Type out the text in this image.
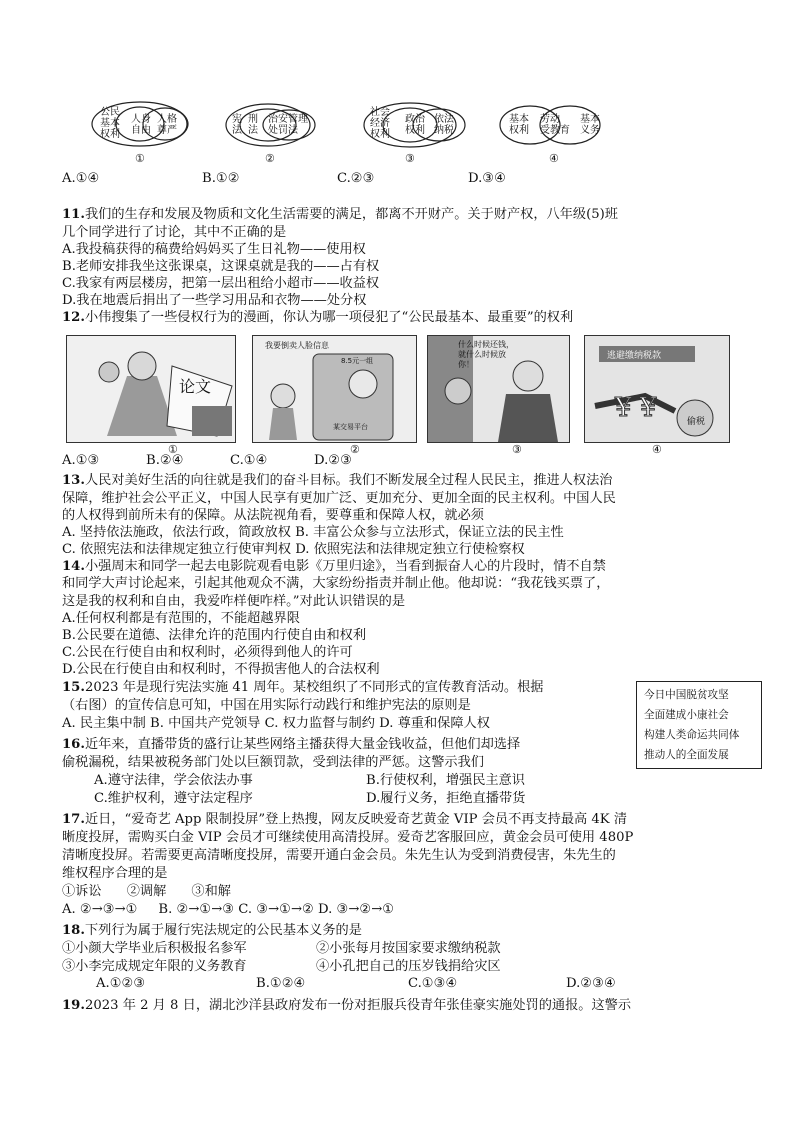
公民
基本
权利
人身
自由
人格
尊严
①
宪
法
刑
法
治安管理
处罚法
②
社会
经济
权利
政治
权利
依法
纳税
③
基本
权利
劳动
受教育
基本
义务
④
A.①④	B.①②	C.②③	D.③④
11.我们的生存和发展及物质和文化生活需要的满足，都离不开财产。关于财产权，八年级(5)班
几个同学进行了讨论，其中不正确的是
A.我投稿获得的稿费给妈妈买了生日礼物——使用权
B.老师安排我坐这张课桌，这课桌就是我的——占有权
C.我家有两层楼房，把第一层出租给小超市——收益权
D.我在地震后捐出了一些学习用品和衣物——处分权
12.小伟搜集了一些侵权行为的漫画，你认为哪一项侵犯了“公民最基本、最重要”的权利
论文
我要倒卖人脸信息
8.5元一组
某交易平台
什么时候还钱，就什么时候放你！
¥ ¥
逃避缴纳税款
偷税
①	②	③	④
A.①③	B.②④	C.①④	D.②③
13.人民对美好生活的向往就是我们的奋斗目标。我们不断发展全过程人民民主，推进人权法治
保障，维护社会公平正义，中国人民享有更加广泛、更加充分、更加全面的民主权利。中国人民
的人权得到前所未有的保障。从法院视角看，要尊重和保障人权，就必须
A. 坚持依法施政，依法行政，简政放权 B. 丰富公众参与立法形式，保证立法的民主性
C. 依照宪法和法律规定独立行使审判权 D. 依照宪法和法律规定独立行使检察权
14.小强周末和同学一起去电影院观看电影《万里归途》，当看到振奋人心的片段时，情不自禁
和同学大声讨论起来，引起其他观众不满，大家纷纷指责并制止他。他却说：“我花钱买票了，
这是我的权利和自由，我爱咋样便咋样。”对此认识错误的是
A.任何权利都是有范围的，不能超越界限
B.公民要在道德、法律允许的范围内行使自由和权利
C.公民在行使自由和权利时，必须得到他人的许可
D.公民在行使自由和权利时，不得损害他人的合法权利
15.2023 年是现行宪法实施 41 周年。某校组织了不同形式的宣传教育活动。根据
（右图）的宣传信息可知，中国在用实际行动践行和维护宪法的原则是
A. 民主集中制 B. 中国共产党领导 C. 权力监督与制约 D. 尊重和保障人权
今日中国脱贫攻坚
全面建成小康社会
构建人类命运共同体
推动人的全面发展
16.近年来，直播带货的盛行让某些网络主播获得大量金钱收益，但他们却选择
偷税漏税，结果被税务部门处以巨额罚款，受到法律的严惩。这警示我们
A.遵守法律，学会依法办事	B.行使权利，增强民主意识
C.维护权利，遵守法定程序	D.履行义务，拒绝直播带货
17.近日，“爱奇艺 App 限制投屏”登上热搜，网友反映爱奇艺黄金 VIP 会员不再支持最高 4K 清
晰度投屏，需购买白金 VIP 会员才可继续使用高清投屏。爱奇艺客服回应，黄金会员可使用 480P
清晰度投屏。若需要更高清晰度投屏，需要开通白金会员。朱先生认为受到消费侵害，朱先生的
维权程序合理的是
①诉讼      ②调解      ③和解
A. ②→③→①     B. ②→①→③ C. ③→①→② D. ③→②→①
18.下列行为属于履行宪法规定的公民基本义务的是
①小颜大学毕业后积极报名参军	②小张每月按国家要求缴纳税款
③小李完成规定年限的义务教育	④小孔把自己的压岁钱捐给灾区
A.①②③	B.①②④	C.①③④	D.②③④
19.2023 年 2 月 8 日，湖北沙洋县政府发布一份对拒服兵役青年张佳豪实施处罚的通报。这警示
